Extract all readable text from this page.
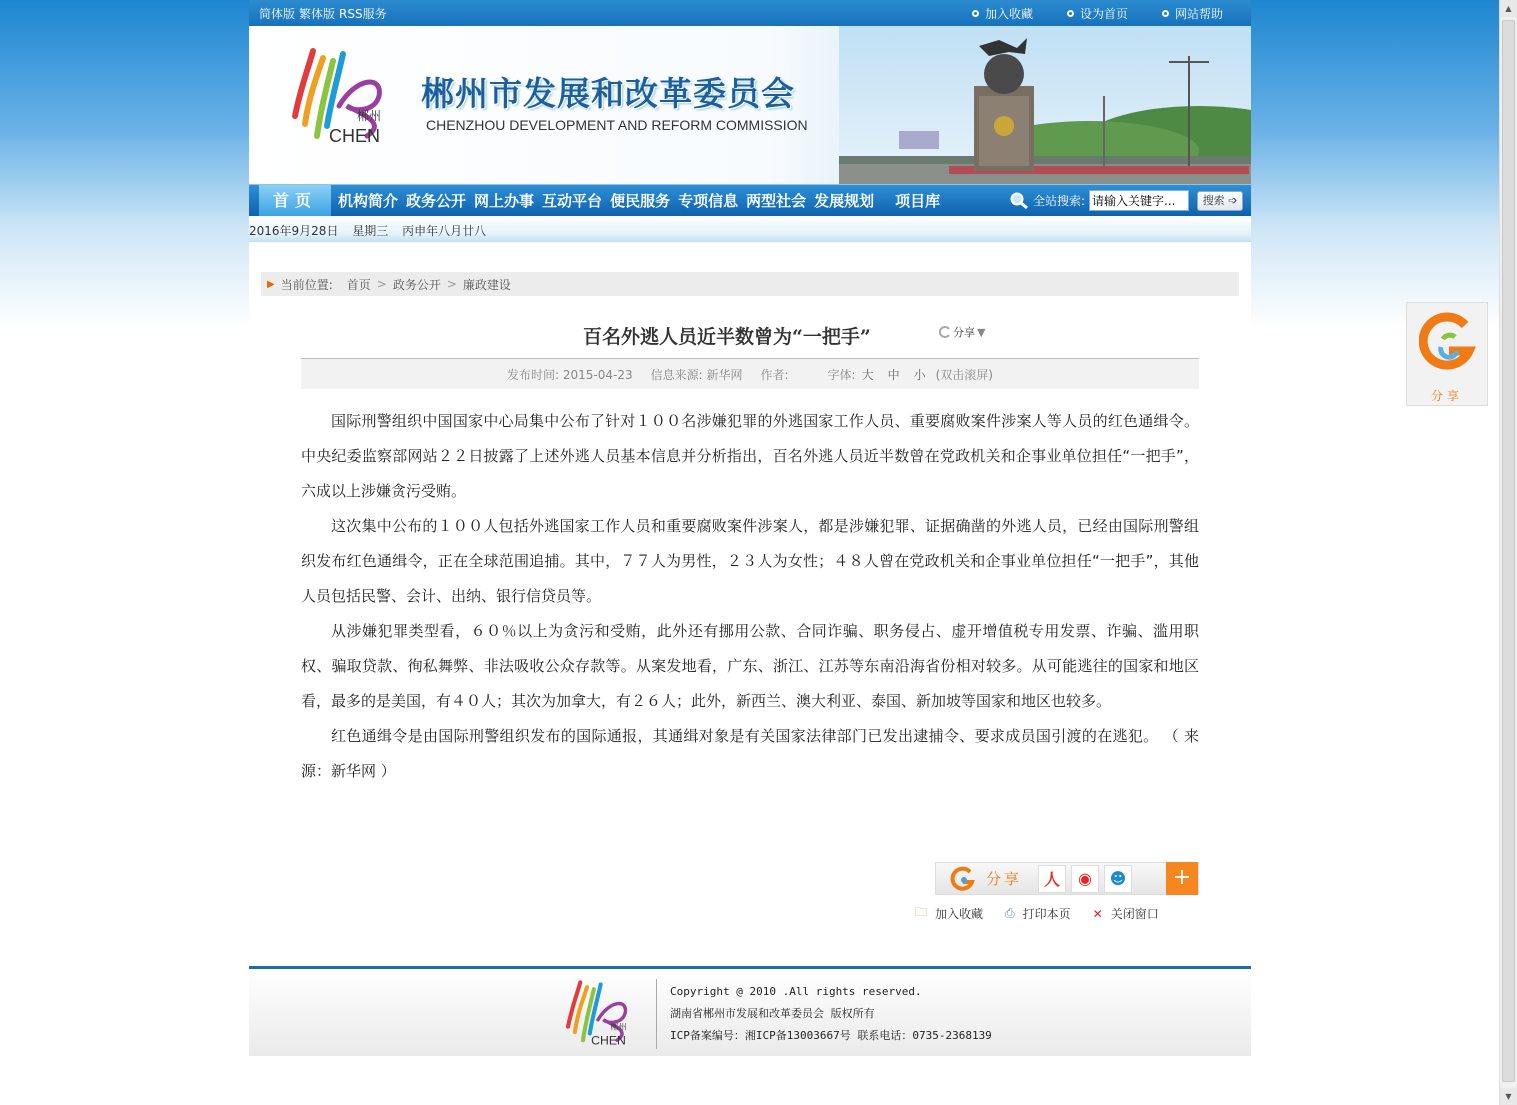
简体版 繁体版 RSS服务	加入收藏	设为首页	网站帮助
郴州
CHEN
郴州市发展和改革委员会
CHENZHOU DEVELOPMENT AND REFORM COMMISSION
首页	机构简介 政务公开 网上办事 互动平台 便民服务 专项信息 两型社会 发展规划	项目库	全站搜索:
请输入关键字...	搜索 ➩
2016年9月28日 星期三 丙申年八月廿八
▶ 当前位置: 首页 > 政务公开 > 廉政建设
百名外逃人员近半数曾为“一把手”	分享 ▼
发布时间: 2015-04-23 信息来源: 新华网 作者:	字体: 大 中 小 (双击滚屏)

国际刑警组织中国国家中心局集中公布了针对１００名涉嫌犯罪的外逃国家工作人员、重要腐败案件涉案人等人员的红色通缉令。中央纪委监察部网站２２日披露了上述外逃人员基本信息并分析指出，百名外逃人员近半数曾在党政机关和企事业单位担任“一把手”，六成以上涉嫌贪污受贿。

这次集中公布的１００人包括外逃国家工作人员和重要腐败案件涉案人，都是涉嫌犯罪、证据确凿的外逃人员，已经由国际刑警组织发布红色通缉令，正在全球范围追捕。其中，７７人为男性，２３人为女性；４８人曾在党政机关和企事业单位担任“一把手”，其他人员包括民警、会计、出纳、银行信贷员等。

从涉嫌犯罪类型看，６０％以上为贪污和受贿，此外还有挪用公款、合同诈骗、职务侵占、虚开增值税专用发票、诈骗、滥用职权、骗取贷款、徇私舞弊、非法吸收公众存款等。从案发地看，广东、浙江、江苏等东南沿海省份相对较多。从可能逃往的国家和地区看，最多的是美国，有４０人；其次为加拿大，有２６人；此外，新西兰、澳大利亚、泰国、新加坡等国家和地区也较多。

红色通缉令是由国际刑警组织发布的国际通报，其通缉对象是有关国家法律部门已发出逮捕令、要求成员国引渡的在逃犯。 （ 来源：新华网 ）

分享	人	◉	☻	+
🗀 加入收藏 ⎙ 打印本页 ✕ 关闭窗口
郴州
CHEN
Copyright @ 2010 .All rights reserved.
湖南省郴州市发展和改革委员会 版权所有
ICP备案编号：湘ICP备13003667号 联系电话：0735-2368139
分享
▲
▼
